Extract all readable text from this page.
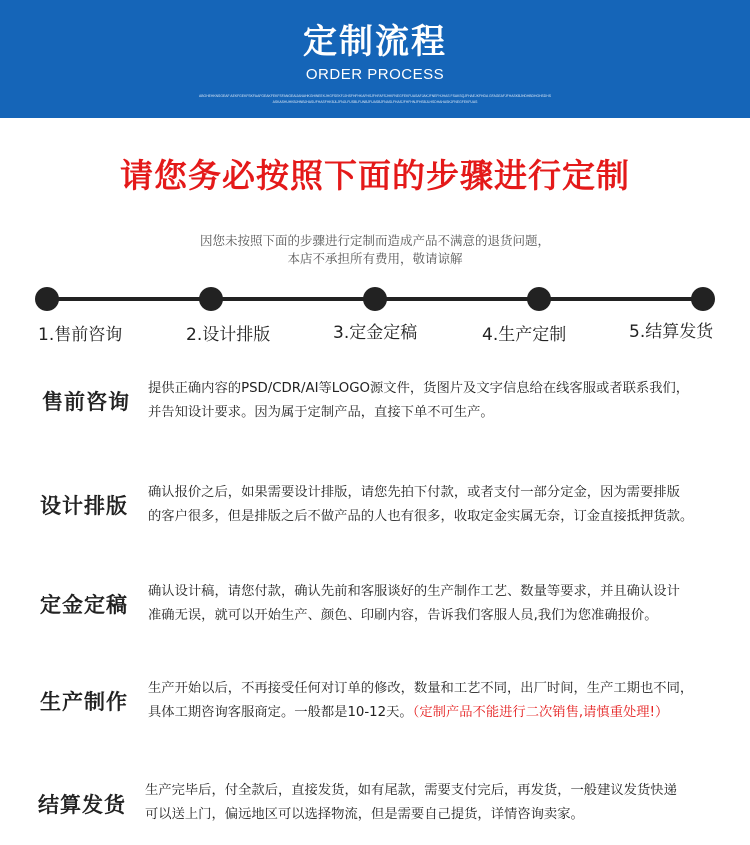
定制流程
ORDER PROCESS
ABGHEHKNSGEAF AEKFGEKFSKFAAFGEAKFEKFSFANGEAIJANAHKGHINEEKJHGFSEKFJJHSFHFHKAFHSJFHFAFSJHKFNEGFEKFUASAFJAKJFNEFHJHAS FSAKSQJFHAEJKFHDA GFAGEAFJFHASKBJHDHBDHGHSDHS
ASKASHUHKBJHNBJHASUFHASFHKBJLJFNJLFUSBLFUNBJFUASBJFNASLFHASJFHFHNJFHSBJLHSDHAHASKJFNEGFEKFUAS
请您务必按照下面的步骤进行定制
因您未按照下面的步骤进行定制而造成产品不满意的退货问题，
本店不承担所有费用，敬请谅解
1.售前咨询	2.设计排版	3.定金定稿	4.生产定制	5.结算发货
售前咨询
提供正确内容的PSD/CDR/AI等LOGO源文件，货图片及文字信息给在线客服或者联系我们，
并告知设计要求。因为属于定制产品，直接下单不可生产。
设计排版
确认报价之后，如果需要设计排版，请您先拍下付款，或者支付一部分定金，因为需要排版
的客户很多，但是排版之后不做产品的人也有很多，收取定金实属无奈，订金直接抵押货款。
定金定稿
确认设计稿，请您付款，确认先前和客服谈好的生产制作工艺、数量等要求，并且确认设计
准确无误，就可以开始生产、颜色、印刷内容，告诉我们客服人员,我们为您准确报价。
生产制作
生产开始以后，不再接受任何对订单的修改，数量和工艺不同，出厂时间，生产工期也不同，
具体工期咨询客服商定。一般都是10-12天。（定制产品不能进行二次销售,请慎重处理!）
结算发货
生产完毕后，付全款后，直接发货，如有尾款，需要支付完后，再发货，一般建议发货快递
可以送上门，偏远地区可以选择物流，但是需要自己提货，详情咨询卖家。
